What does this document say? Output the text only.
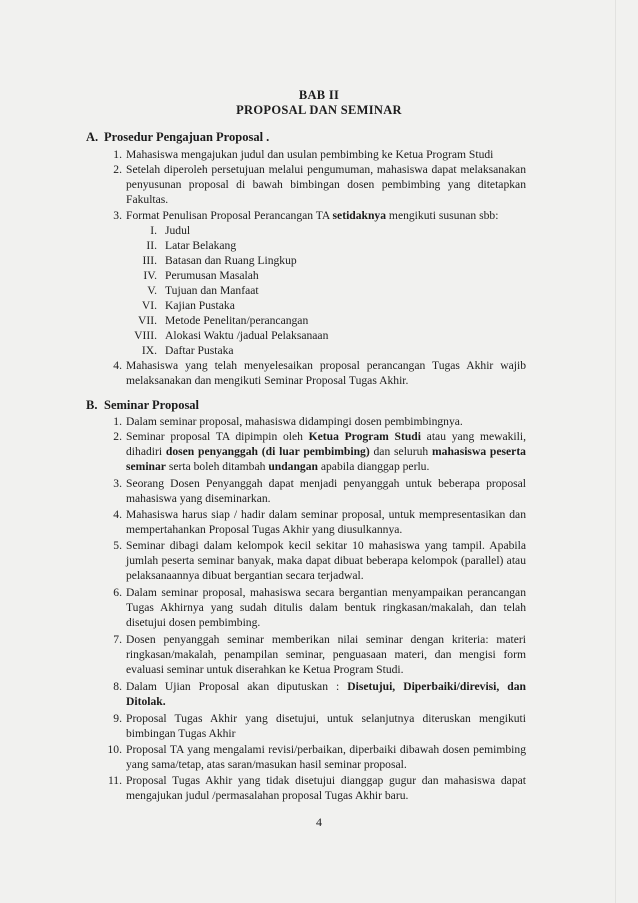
BAB II
PROPOSAL DAN SEMINAR
A. Prosedur Pengajuan Proposal .
1. Mahasiswa mengajukan judul dan usulan pembimbing ke Ketua Program Studi
2. Setelah diperoleh persetujuan melalui pengumuman, mahasiswa dapat melaksanakan penyusunan proposal di bawah bimbingan dosen pembimbing yang ditetapkan Fakultas.
3. Format Penulisan Proposal Perancangan TA setidaknya mengikuti susunan sbb:
I. Judul
II. Latar Belakang
III. Batasan dan Ruang Lingkup
IV. Perumusan Masalah
V. Tujuan dan Manfaat
VI. Kajian Pustaka
VII. Metode Penelitan/perancangan
VIII. Alokasi Waktu /jadual Pelaksanaan
IX. Daftar Pustaka
4. Mahasiswa yang telah menyelesaikan proposal perancangan Tugas Akhir wajib melaksanakan dan mengikuti Seminar Proposal Tugas Akhir.
B. Seminar Proposal
1. Dalam seminar proposal, mahasiswa didampingi dosen pembimbingnya.
2. Seminar proposal TA dipimpin oleh Ketua Program Studi atau yang mewakili, dihadiri dosen penyanggah (di luar pembimbing) dan seluruh mahasiswa peserta seminar serta boleh ditambah undangan apabila dianggap perlu.
3. Seorang Dosen Penyanggah dapat menjadi penyanggah untuk beberapa proposal mahasiswa yang diseminarkan.
4. Mahasiswa harus siap / hadir dalam seminar proposal, untuk mempresentasikan dan mempertahankan Proposal Tugas Akhir yang diusulkannya.
5. Seminar dibagi dalam kelompok kecil sekitar 10 mahasiswa yang tampil. Apabila jumlah peserta seminar banyak, maka dapat dibuat beberapa kelompok (parallel) atau pelaksanaannya dibuat bergantian secara terjadwal.
6. Dalam seminar proposal, mahasiswa secara bergantian menyampaikan perancangan Tugas Akhirnya yang sudah ditulis dalam bentuk ringkasan/makalah, dan telah disetujui dosen pembimbing.
7. Dosen penyanggah seminar memberikan nilai seminar dengan kriteria: materi ringkasan/makalah, penampilan seminar, penguasaan materi, dan mengisi form evaluasi seminar untuk diserahkan ke Ketua Program Studi.
8. Dalam Ujian Proposal akan diputuskan : Disetujui, Diperbaiki/direvisi, dan Ditolak.
9. Proposal Tugas Akhir yang disetujui, untuk selanjutnya diteruskan mengikuti bimbingan Tugas Akhir
10. Proposal TA yang mengalami revisi/perbaikan, diperbaiki dibawah dosen pemimbing yang sama/tetap, atas saran/masukan hasil seminar proposal.
11. Proposal Tugas Akhir yang tidak disetujui dianggap gugur dan mahasiswa dapat mengajukan judul /permasalahan proposal Tugas Akhir baru.
4
